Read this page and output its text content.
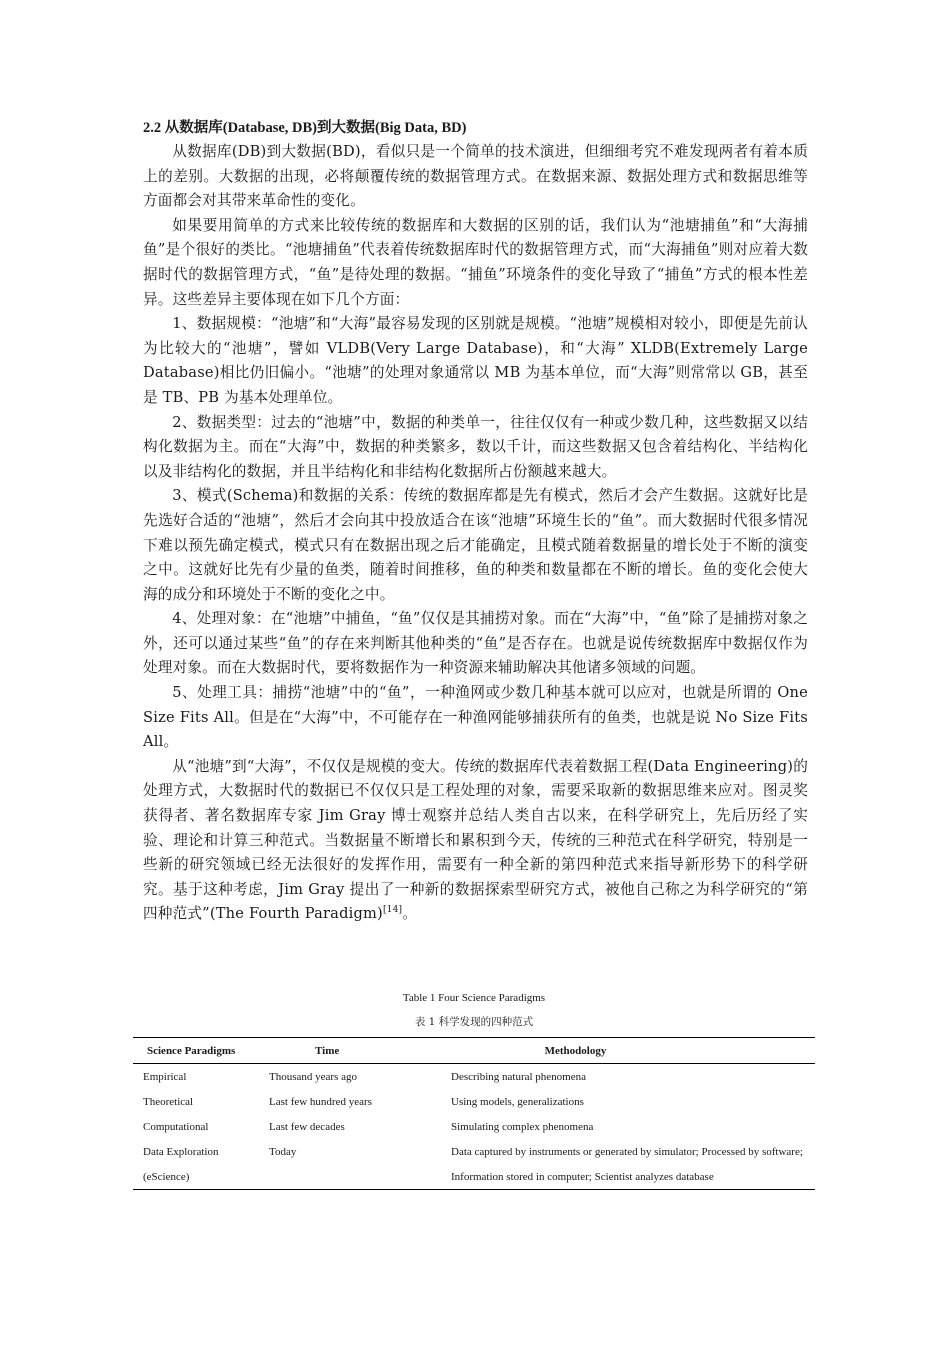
2.2 从数据库(Database, DB)到大数据(Big Data, BD)

从数据库(DB)到大数据(BD)，看似只是一个简单的技术演进，但细细考究不难发现两者有着本质上的差别。大数据的出现，必将颠覆传统的数据管理方式。在数据来源、数据处理方式和数据思维等方面都会对其带来革命性的变化。

如果要用简单的方式来比较传统的数据库和大数据的区别的话，我们认为“池塘捕鱼”和“大海捕鱼”是个很好的类比。“池塘捕鱼”代表着传统数据库时代的数据管理方式，而“大海捕鱼”则对应着大数据时代的数据管理方式，“鱼”是待处理的数据。“捕鱼”环境条件的变化导致了“捕鱼”方式的根本性差异。这些差异主要体现在如下几个方面：

1、数据规模：“池塘”和“大海”最容易发现的区别就是规模。“池塘”规模相对较小，即便是先前认为比较大的“池塘”，譬如 VLDB(Very Large Database)，和“大海” XLDB(Extremely Large Database)相比仍旧偏小。“池塘”的处理对象通常以 MB 为基本单位，而“大海”则常常以 GB，甚至是 TB、PB 为基本处理单位。

2、数据类型：过去的“池塘”中，数据的种类单一，往往仅仅有一种或少数几种，这些数据又以结构化数据为主。而在“大海”中，数据的种类繁多，数以千计，而这些数据又包含着结构化、半结构化以及非结构化的数据，并且半结构化和非结构化数据所占份额越来越大。

3、模式(Schema)和数据的关系：传统的数据库都是先有模式，然后才会产生数据。这就好比是先选好合适的“池塘”，然后才会向其中投放适合在该“池塘”环境生长的“鱼”。而大数据时代很多情况下难以预先确定模式，模式只有在数据出现之后才能确定，且模式随着数据量的增长处于不断的演变之中。这就好比先有少量的鱼类，随着时间推移，鱼的种类和数量都在不断的增长。鱼的变化会使大海的成分和环境处于不断的变化之中。

4、处理对象：在“池塘”中捕鱼，“鱼”仅仅是其捕捞对象。而在“大海”中，“鱼”除了是捕捞对象之外，还可以通过某些“鱼”的存在来判断其他种类的“鱼”是否存在。也就是说传统数据库中数据仅作为处理对象。而在大数据时代，要将数据作为一种资源来辅助解决其他诸多领域的问题。

5、处理工具：捕捞“池塘”中的“鱼”，一种渔网或少数几种基本就可以应对，也就是所谓的 One Size Fits All。但是在“大海”中，不可能存在一种渔网能够捕获所有的鱼类，也就是说 No Size Fits All。

从“池塘”到“大海”，不仅仅是规模的变大。传统的数据库代表着数据工程(Data Engineering)的处理方式，大数据时代的数据已不仅仅只是工程处理的对象，需要采取新的数据思维来应对。图灵奖获得者、著名数据库专家 Jim Gray 博士观察并总结人类自古以来，在科学研究上，先后历经了实验、理论和计算三种范式。当数据量不断增长和累积到今天，传统的三种范式在科学研究，特别是一些新的研究领域已经无法很好的发挥作用，需要有一种全新的第四种范式来指导新形势下的科学研究。基于这种考虑，Jim Gray 提出了一种新的数据探索型研究方式，被他自己称之为科学研究的“第四种范式”(The Fourth Paradigm)[14]。

Table 1 Four Science Paradigms

表 1 科学发现的四种范式

Science Paradigms	Time	Methodology
Empirical	Thousand years ago	Describing natural phenomena
Theoretical	Last few hundred years	Using models, generalizations
Computational	Last few decades	Simulating complex phenomena
Data Exploration	Today	Data captured by instruments or generated by simulator; Processed by software;
(eScience)		Information stored in computer; Scientist analyzes database
